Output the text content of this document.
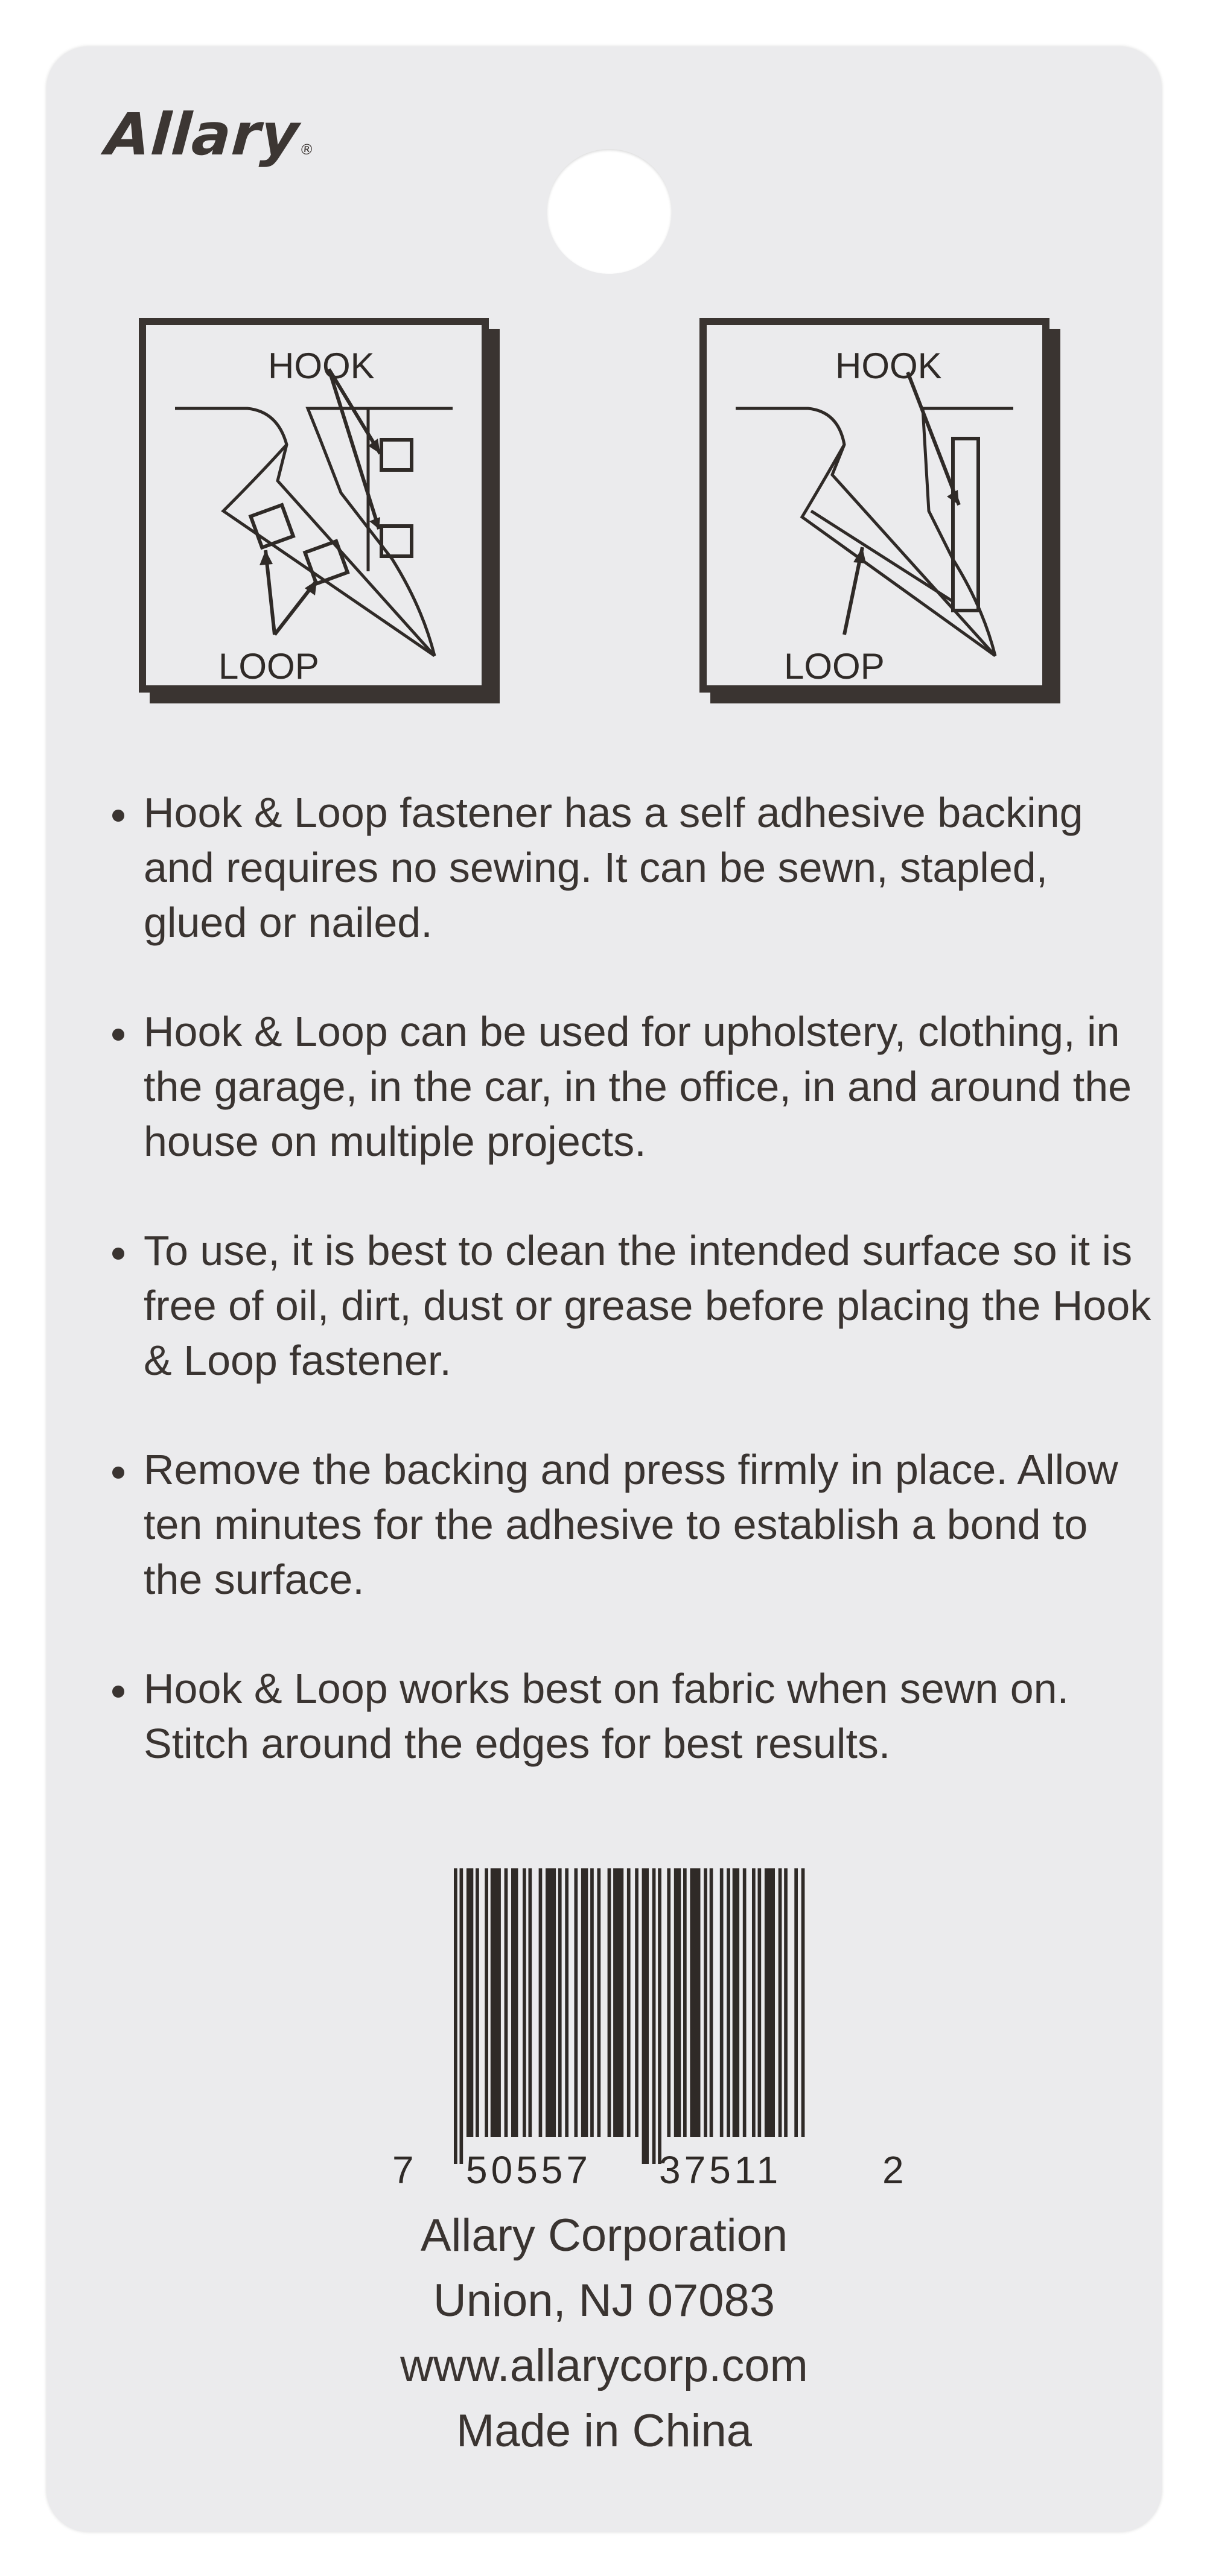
Allary®
HOOK
LOOP
HOOK
LOOP
Hook & Loop fastener has a self adhesive backing and requires no sewing. It can be sewn, stapled, glued or nailed.
Hook & Loop can be used for upholstery, clothing, in the garage, in the car, in the office, in and around the house on multiple projects.
To use, it is best to clean the intended surface so it is free of oil, dirt, dust or grease before placing the Hook & Loop fastener.
Remove the backing and press firmly in place. Allow ten minutes for the adhesive to establish a bond to the surface.
Hook & Loop works best on fabric when sewn on. Stitch around the edges for best results.
7 50557 37511	2
Allary Corporation
Union, NJ 07083
www.allarycorp.com
Made in China
